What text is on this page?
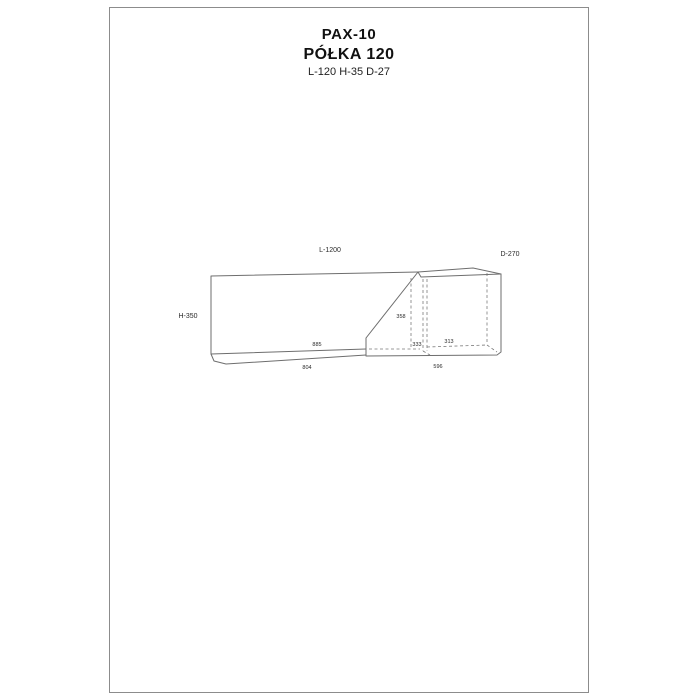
PAX-10
PÓŁKA 120
L-120 H-35 D-27
L-1200
D-270
H-350
885
804
358
333	313
596
